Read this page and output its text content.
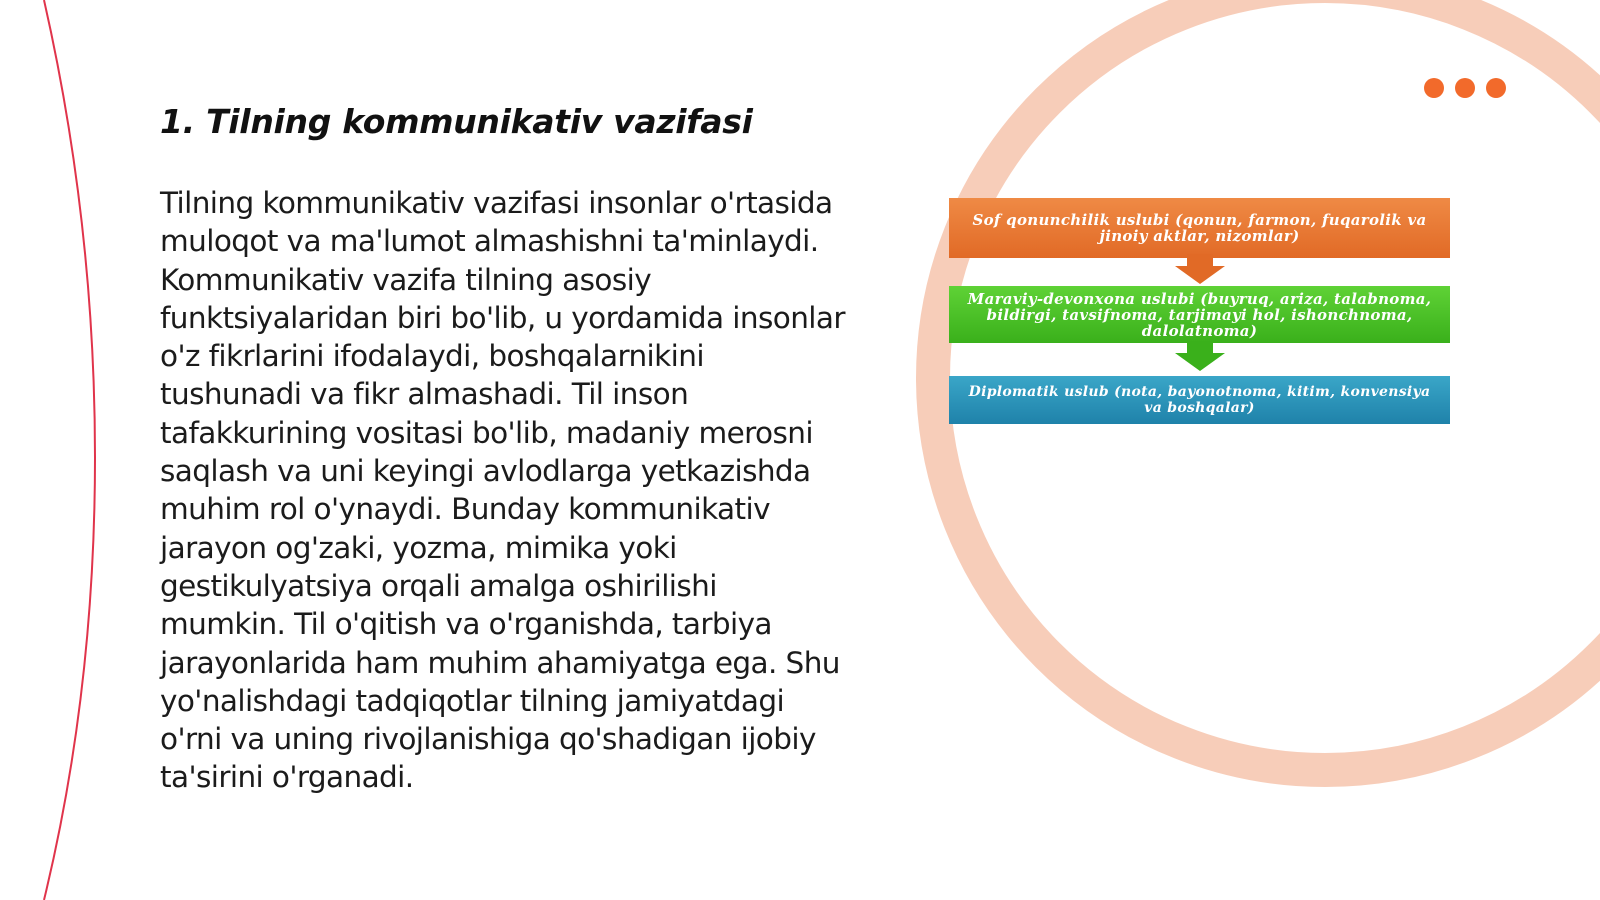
1. Tilning kommunikativ vazifasi

Tilning kommunikativ vazifasi insonlar o'rtasida muloqot va ma'lumot almashishni ta'minlaydi. Kommunikativ vazifa tilning asosiy funktsiyalaridan biri bo'lib, u yordamida insonlar o'z fikrlarini ifodalaydi, boshqalarnikini tushunadi va fikr almashadi. Til inson tafakkurining vositasi bo'lib, madaniy merosni saqlash va uni keyingi avlodlarga yetkazishda muhim rol o'ynaydi. Bunday kommunikativ jarayon og'zaki, yozma, mimika yoki gestikulyatsiya orqali amalga oshirilishi mumkin. Til o'qitish va o'rganishda, tarbiya jarayonlarida ham muhim ahamiyatga ega. Shu yo'nalishdagi tadqiqotlar tilning jamiyatdagi o'rni va uning rivojlanishiga qo'shadigan ijobiy ta'sirini o'rganadi.

Sof qonunchilik uslubi (qonun, farmon, fuqarolik va jinoiy aktlar, nizomlar)
Maraviy-devonxona uslubi (buyruq, ariza, talabnoma, bildirgi, tavsifnoma, tarjimayi hol, ishonchnoma, dalolatnoma)
Diplomatik uslub (nota, bayonotnoma, kitim, konvensiya va boshqalar)
